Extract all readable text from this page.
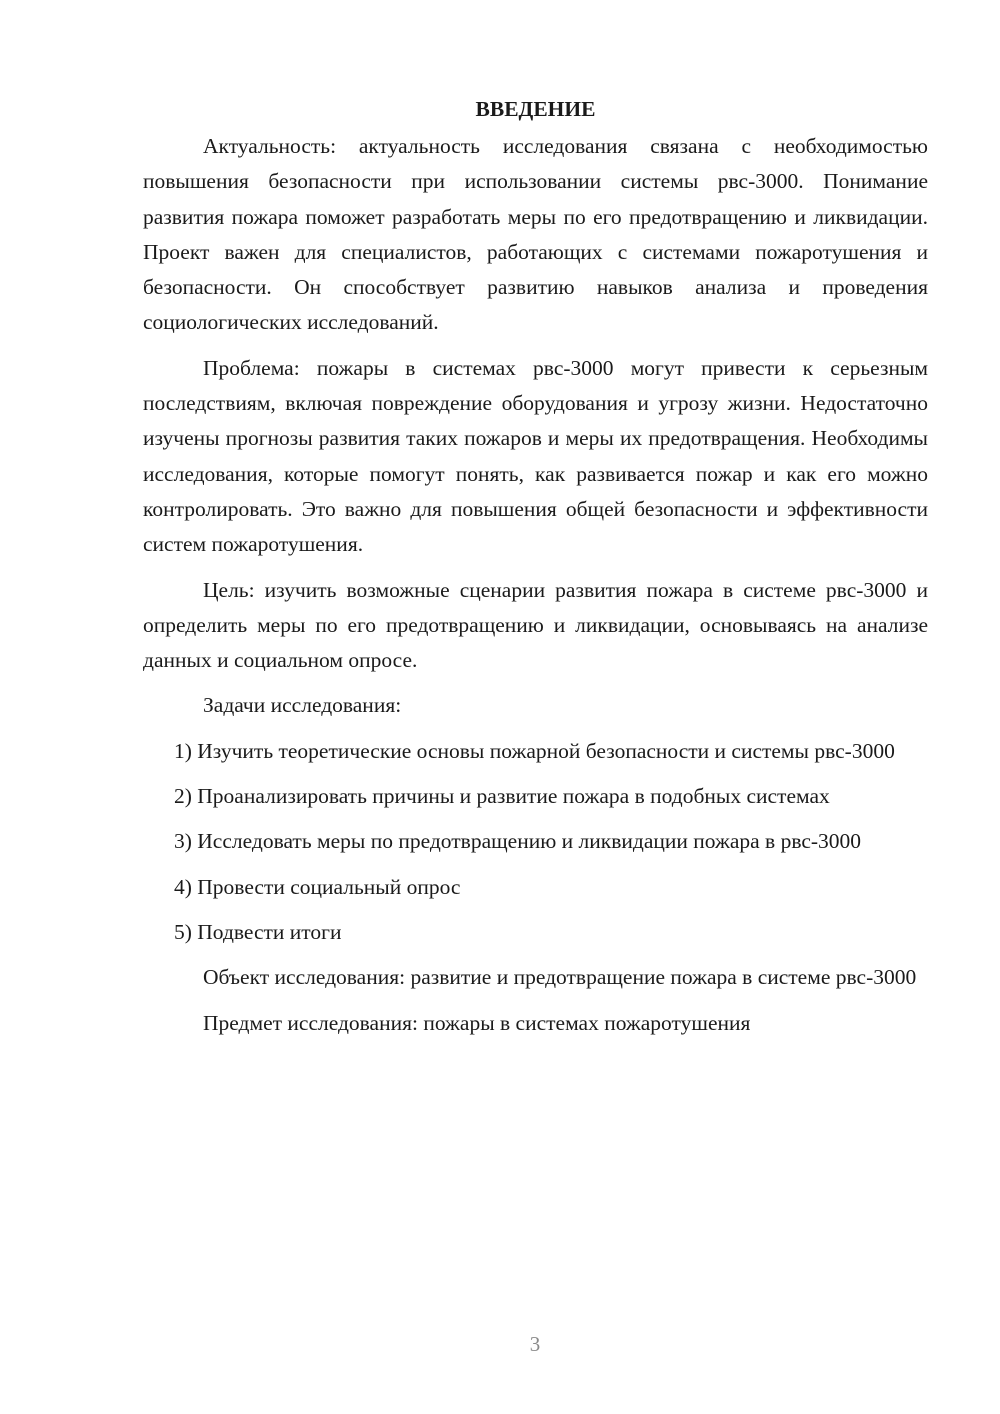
ВВЕДЕНИЕ

Актуальность: актуальность исследования связана с необходимостью повышения безопасности при использовании системы рвс-3000. Понимание развития пожара поможет разработать меры по его предотвращению и ликвидации. Проект важен для специалистов, работающих с системами пожаротушения и безопасности. Он способствует развитию навыков анализа и проведения социологических исследований.

Проблема: пожары в системах рвс-3000 могут привести к серьезным последствиям, включая повреждение оборудования и угрозу жизни. Недостаточно изучены прогнозы развития таких пожаров и меры их предотвращения. Необходимы исследования, которые помогут понять, как развивается пожар и как его можно контролировать. Это важно для повышения общей безопасности и эффективности систем пожаротушения.

Цель: изучить возможные сценарии развития пожара в системе рвс-3000 и определить меры по его предотвращению и ликвидации, основываясь на анализе данных и социальном опросе.

Задачи исследования:

1) Изучить теоретические основы пожарной безопасности и системы рвс-3000

2) Проанализировать причины и развитие пожара в подобных системах

3) Исследовать меры по предотвращению и ликвидации пожара в рвс-3000

4) Провести социальный опрос

5) Подвести итоги

Объект исследования: развитие и предотвращение пожара в системе рвс-3000

Предмет исследования: пожары в системах пожаротушения

3
